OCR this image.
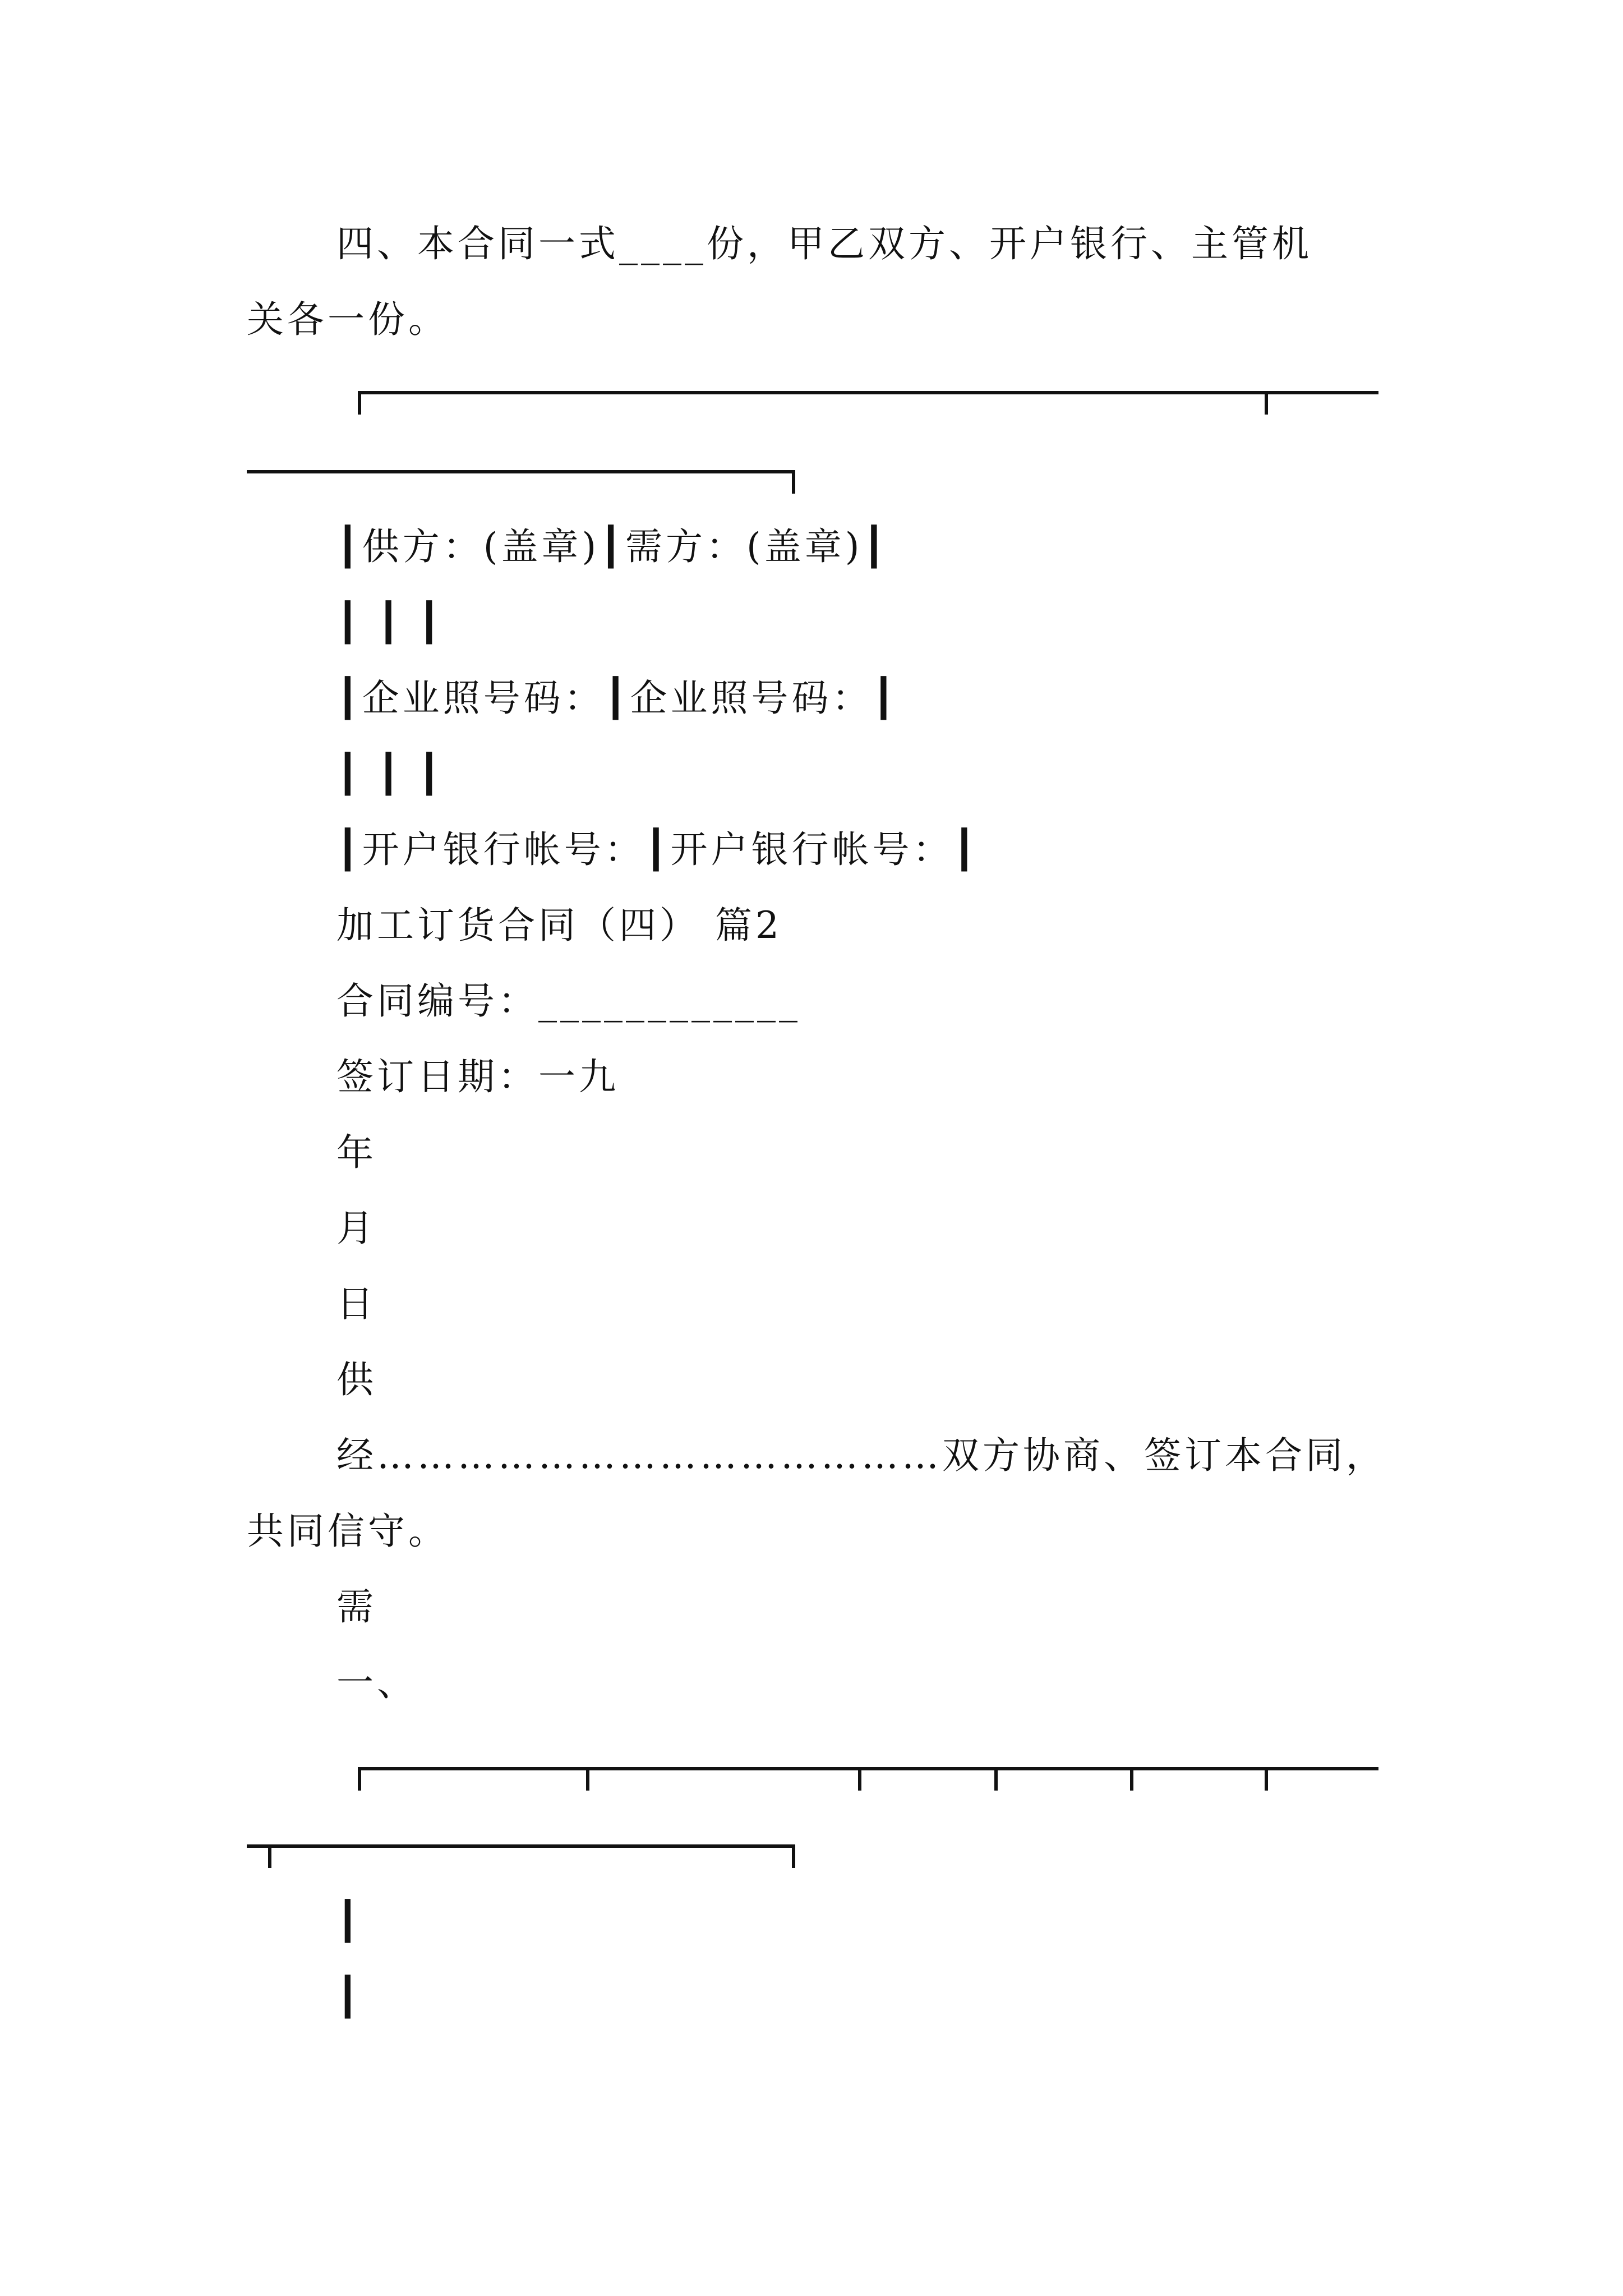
四、本合同一式____份，甲乙双方、开户银行、主管机
关各一份。
┃供方：(盖章)┃需方：(盖章)┃
┃ ┃ ┃
┃企业照号码：┃企业照号码：┃
┃ ┃ ┃
┃开户银行帐号：┃开户银行帐号：┃
加工订货合同（四） 篇2
合同编号：____________
签订日期：一九
年
月
日
供
经……………………………………双方协商、签订本合同，
共同信守。
需
一、
┃
┃
